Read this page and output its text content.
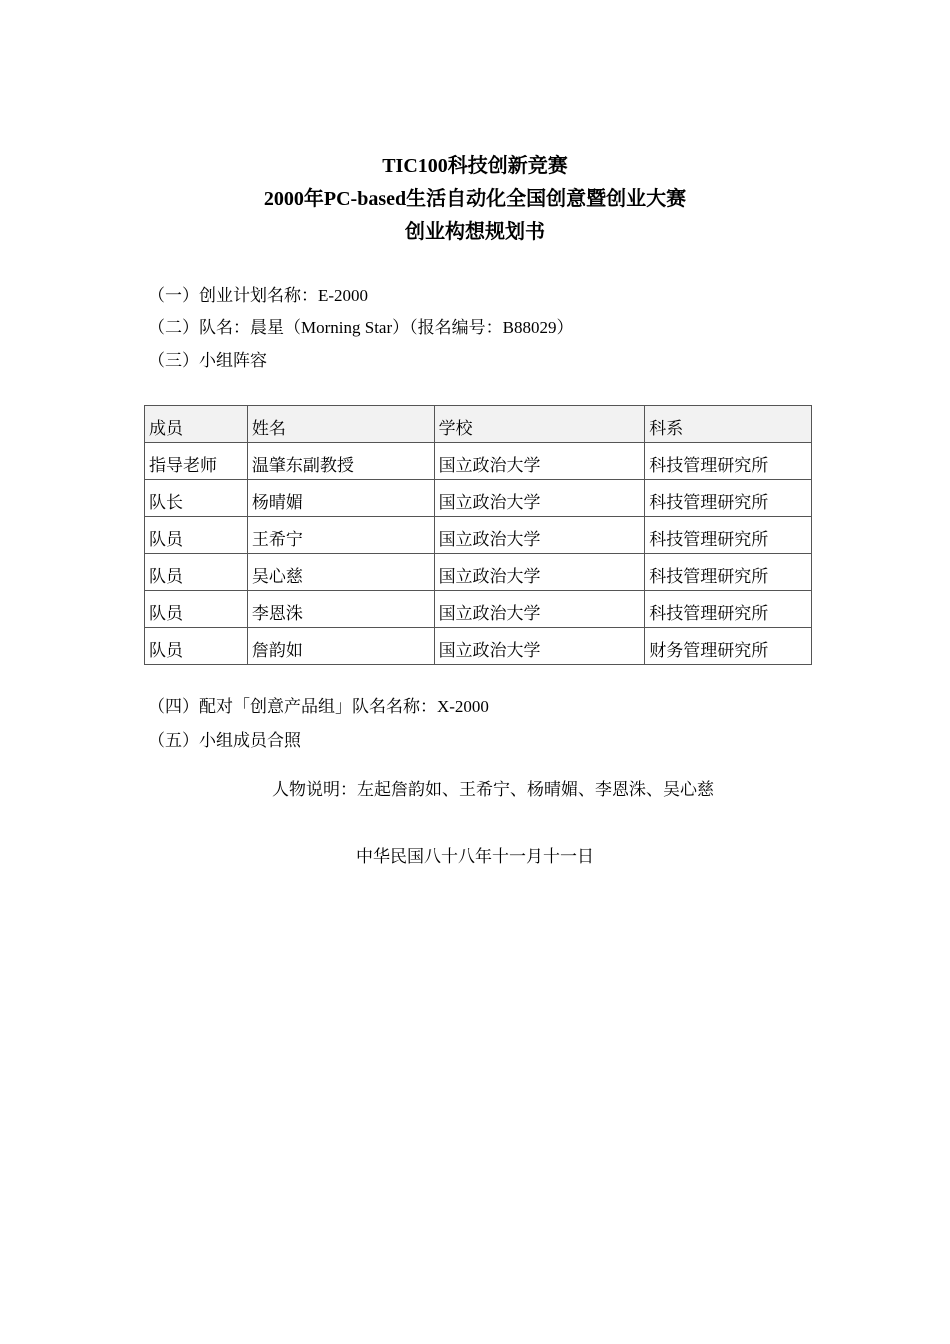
TIC100科技创新竞赛
2000年PC-based生活自动化全国创意暨创业大赛
创业构想规划书
（一）创业计划名称：E-2000
（二）队名：晨星（Morning Star）（报名编号：B88029）
（三）小组阵容
成员	姓名	学校	科系
指导老师	温肇东副教授	国立政治大学	科技管理研究所
队长	杨晴媚	国立政治大学	科技管理研究所
队员	王希宁	国立政治大学	科技管理研究所
队员	吴心慈	国立政治大学	科技管理研究所
队员	李恩洙	国立政治大学	科技管理研究所
队员	詹韵如	国立政治大学	财务管理研究所
（四）配对「创意产品组」队名名称：X-2000
（五）小组成员合照
人物说明：左起詹韵如、王希宁、杨晴媚、李恩洙、吴心慈
中华民国八十八年十一月十一日
